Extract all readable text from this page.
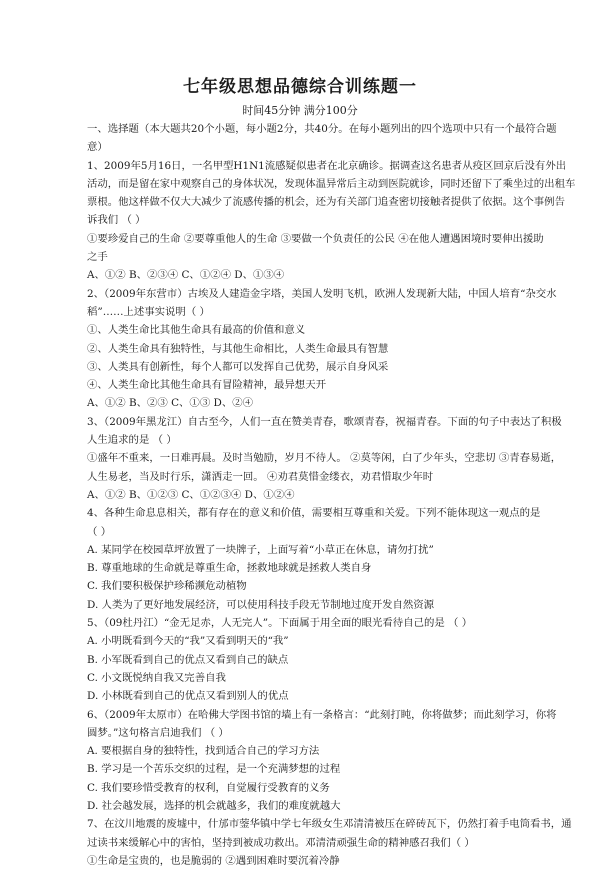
七年级思想品德综合训练题一
时间45分钟 满分100分
一、选择题（本大题共20个小题，每小题2分，共40分。在每小题列出的四个选项中只有一个最符合题
意）
1、2009年5月16日，一名甲型H1N1流感疑似患者在北京确诊。据调查这名患者从疫区回京后没有外出
活动，而是留在家中观察自己的身体状况，发现体温异常后主动到医院就诊，同时还留下了乘坐过的出租车
票根。他这样做不仅大大减少了流感传播的机会，还为有关部门追查密切接触者提供了依据。这个事例告
诉我们 （ ）
①要珍爱自己的生命 ②要尊重他人的生命 ③要做一个负责任的公民 ④在他人遭遇困境时要伸出援助
之手
A、①② B、②③④ C、①②④ D、①③④
2、（2009年东营市）古埃及人建造金字塔，美国人发明飞机，欧洲人发现新大陆，中国人培育“杂交水
稻”……上述事实说明（ ）
①、人类生命比其他生命具有最高的价值和意义
②、人类生命具有独特性，与其他生命相比，人类生命最具有智慧
③、人类具有创新性，每个人都可以发挥自己优势，展示自身风采
④、人类生命比其他生命具有冒险精神，最异想天开
A、①② B、②③ C、①③ D、②④
3、（2009年黑龙江）自古至今，人们一直在赞美青春，歌颂青春，祝福青春。下面的句子中表达了积极
人生追求的是 （ ）
①盛年不重来，一日难再晨。及时当勉励，岁月不待人。 ②莫等闲，白了少年头，空悲切 ③青春易逝，
人生易老，当及时行乐，潇洒走一回。 ④劝君莫惜金缕衣，劝君惜取少年时
A、①② B、①②③ C、①②③④ D、①②④
4、各种生命息息相关，都有存在的意义和价值，需要相互尊重和关爱。下列不能体现这一观点的是
（ ）
A. 某同学在校园草坪放置了一块牌子，上面写着“小草正在休息，请勿打扰”
B. 尊重地球的生命就是尊重生命，拯救地球就是拯救人类自身
C. 我们要积极保护珍稀濒危动植物
D. 人类为了更好地发展经济，可以使用科技手段无节制地过度开发自然资源
5、（09杜丹江）“金无足赤，人无完人”。下面属于用全面的眼光看待自己的是 （ ）
A. 小明既看到今天的“我”又看到明天的“我”
B. 小军既看到自己的优点又看到自己的缺点
C. 小文既悦纳自我又完善自我
D. 小林既看到自己的优点又看到别人的优点
6、（2009年太原市）在哈佛大学图书馆的墙上有一条格言：“此刻打盹，你将做梦；而此刻学习，你将
圆梦。”这句格言启迪我们 （ ）
A. 要根据自身的独特性，找到适合自己的学习方法
B. 学习是一个苦乐交织的过程，是一个充满梦想的过程
C. 我们要珍惜受教育的权利，自觉履行受教育的义务
D. 社会越发展，选择的机会就越多，我们的难度就越大
7、在汶川地震的废墟中，什邡市蓥华镇中学七年级女生邓清清被压在碎砖瓦下，仍然打着手电筒看书，通
过读书来缓解心中的害怕，坚持到被成功救出。邓清清顽强生命的精神感召我们（ ）
①生命是宝贵的，也是脆弱的 ②遇到困难时要沉着冷静
